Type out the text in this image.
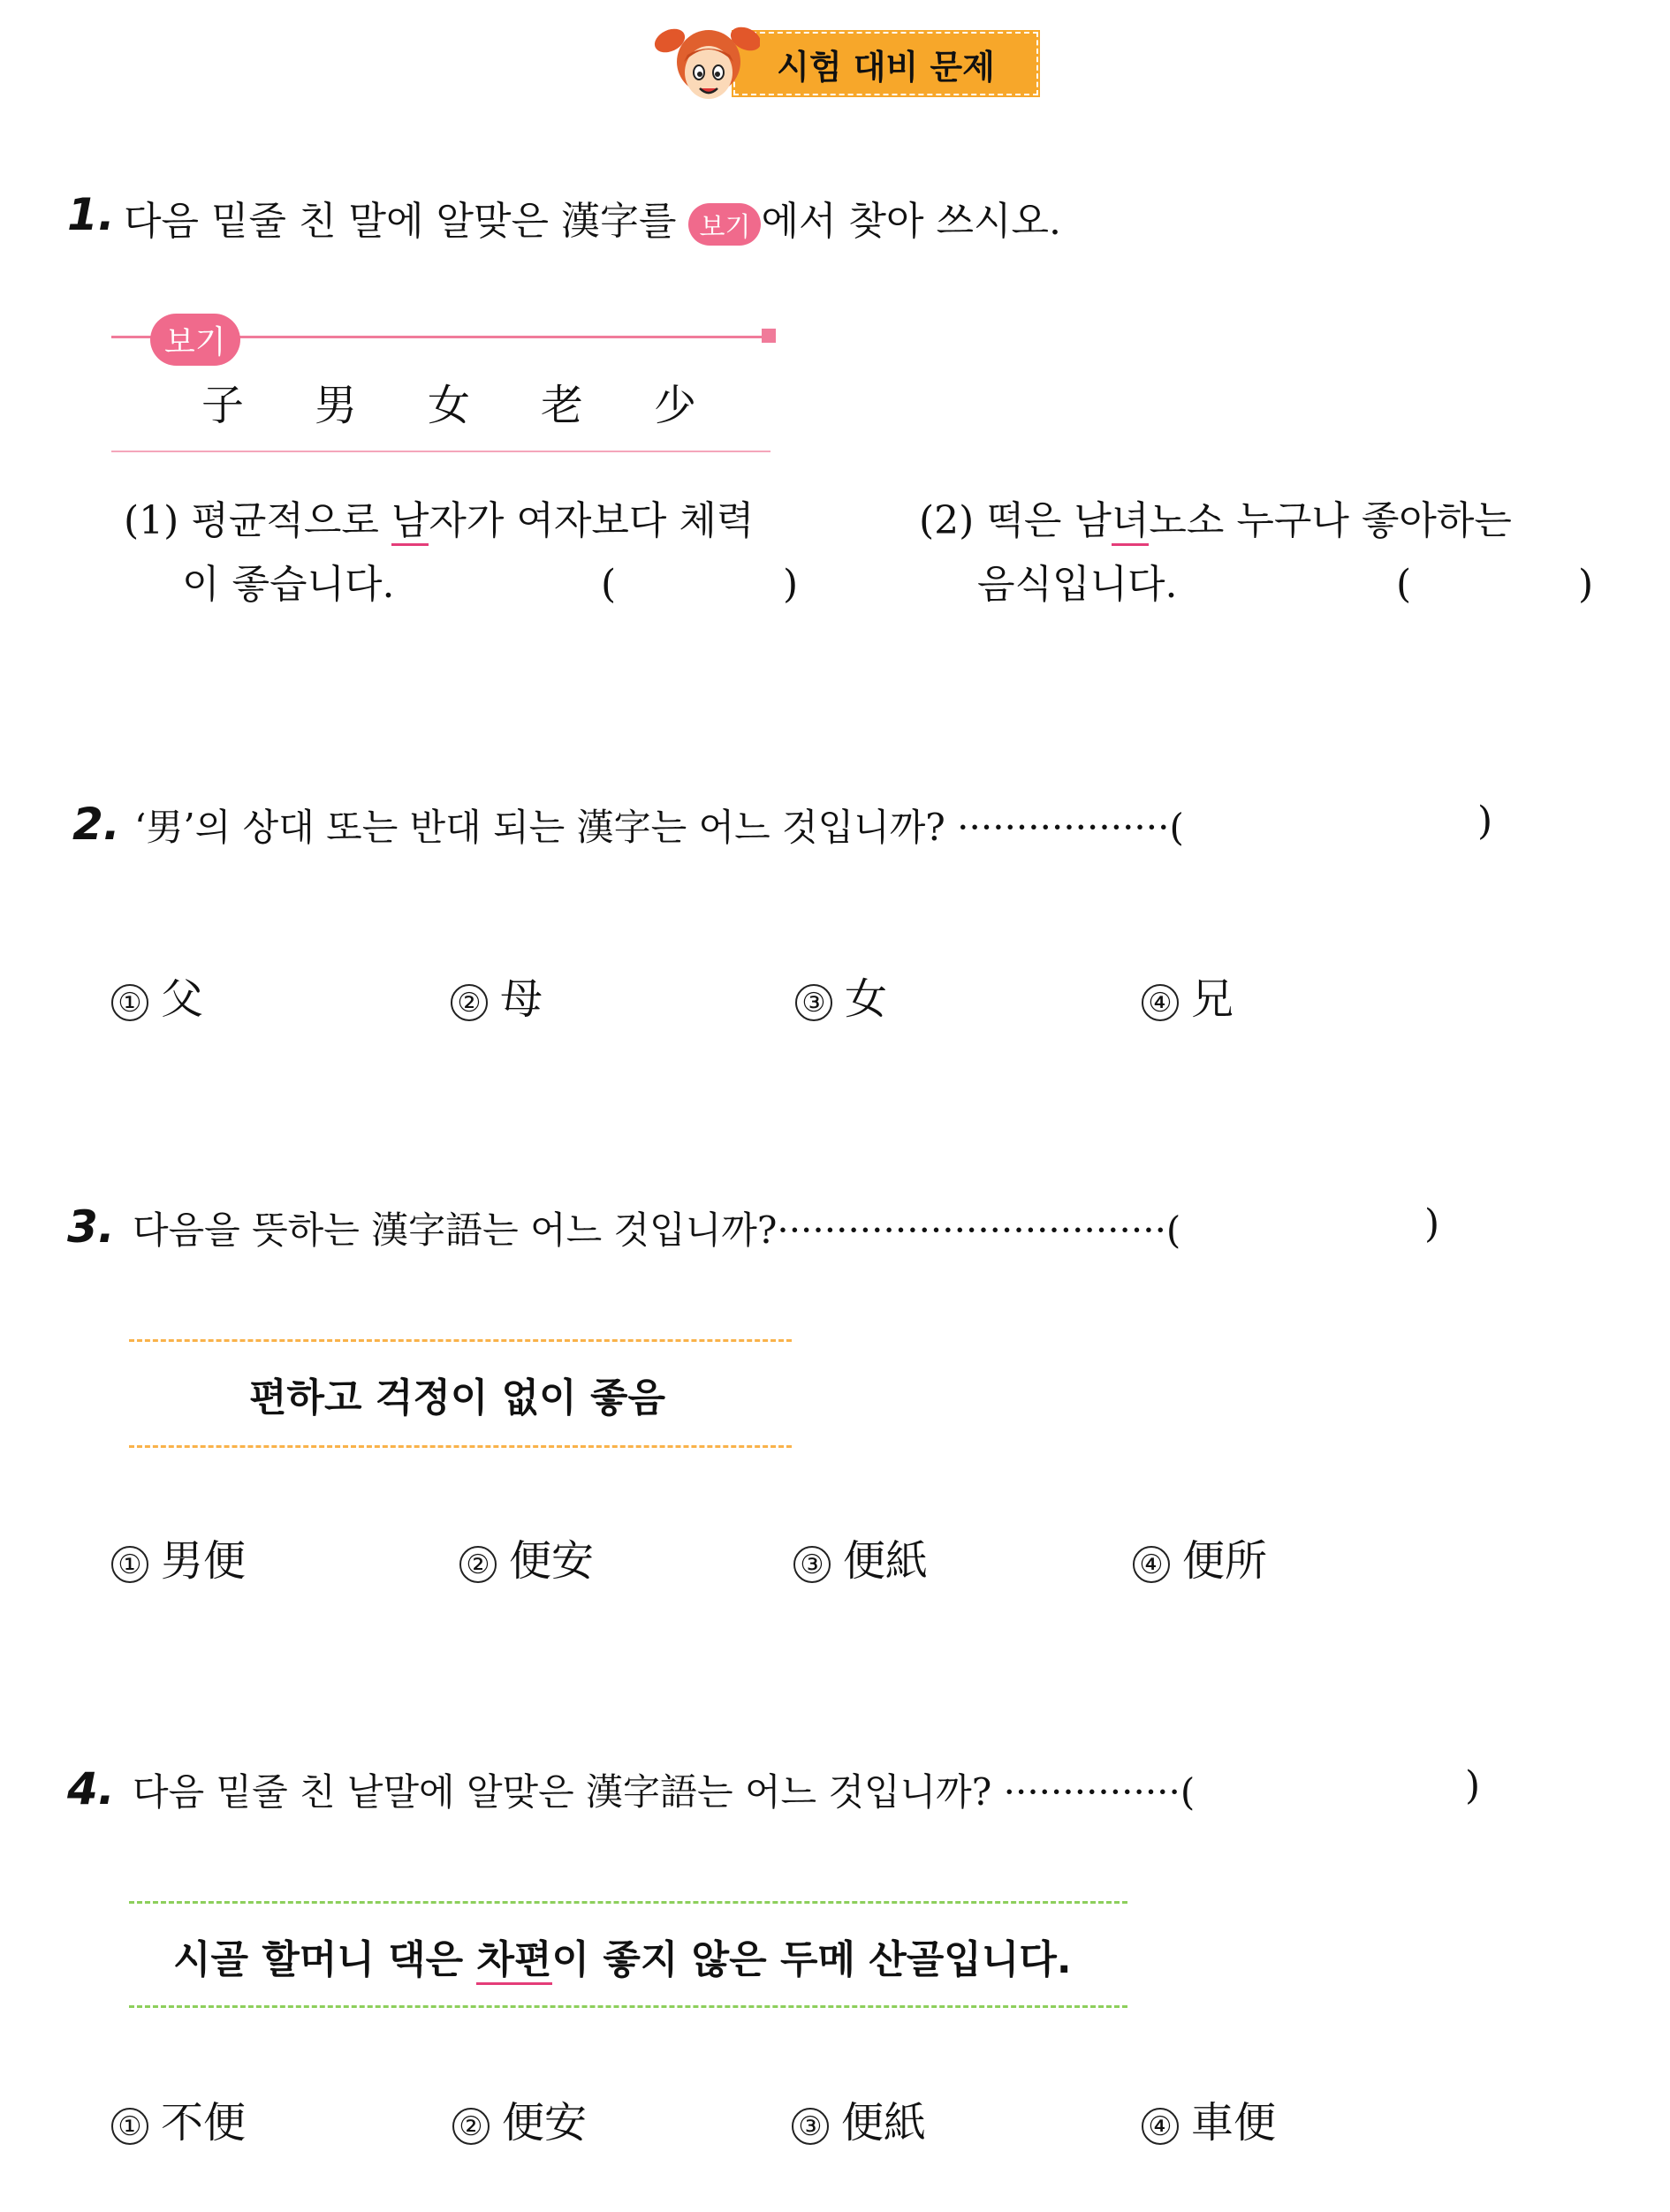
시험 대비 문제
1. 다음 밑줄 친 말에 알맞은 漢字를 보기 에서 찾아 쓰시오.
보기
子 男 女 老 少
(1) 평균적으로 남자가 여자보다 체력
이 좋습니다.	(	)
(2) 떡은 남녀노소 누구나 좋아하는
음식입니다.	(	)
2. ‘男’의 상대 또는 반대 되는 漢字는 어느 것입니까? ··················(	)
① 父	② 母	③ 女	④ 兄
3. 다음을 뜻하는 漢字語는 어느 것입니까?·································(	)
편하고 걱정이 없이 좋음
① 男便	② 便安	③ 便紙	④ 便所
4. 다음 밑줄 친 낱말에 알맞은 漢字語는 어느 것입니까? ···············(	)
시골 할머니 댁은 차편이 좋지 않은 두메 산골입니다.
① 不便	② 便安	③ 便紙	④ 車便
